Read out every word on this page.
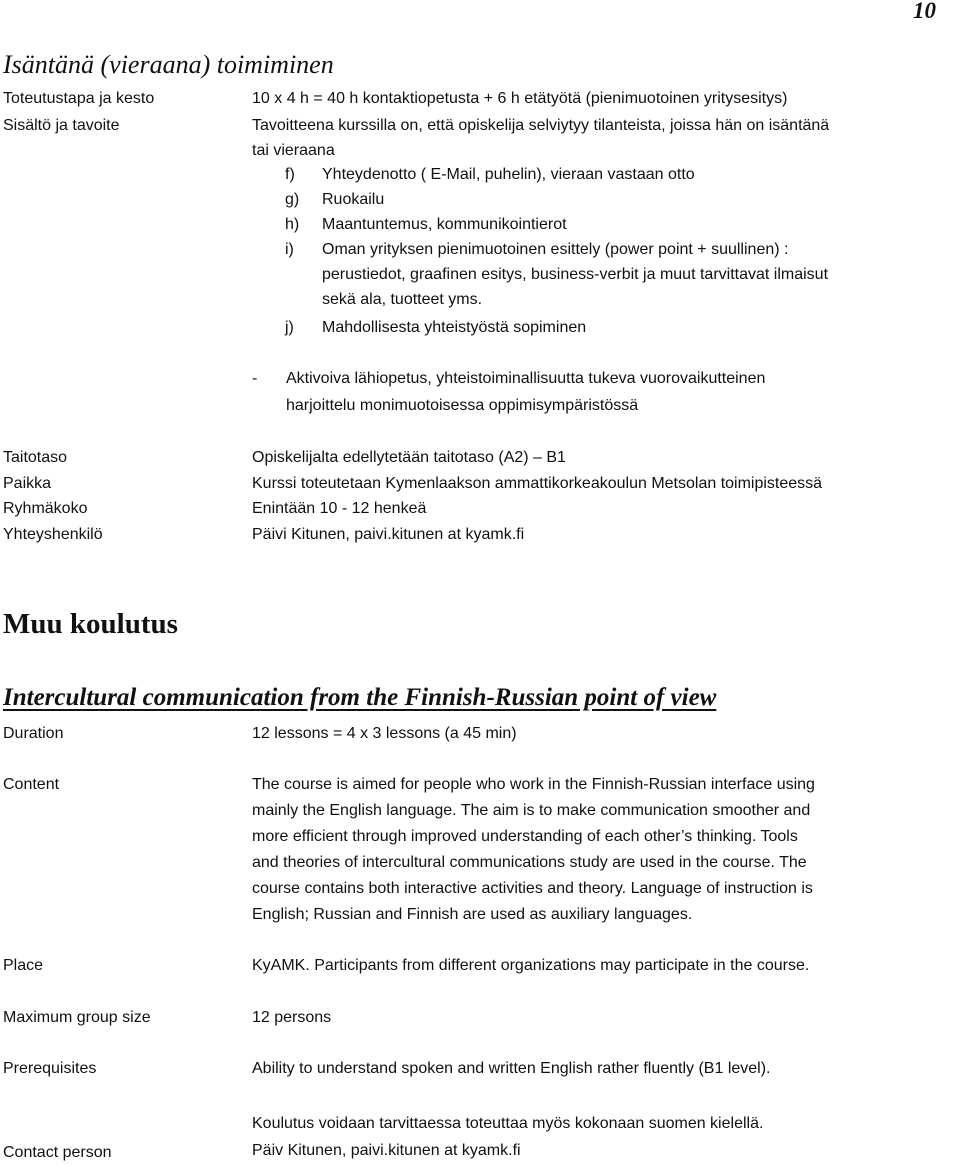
10
Isäntänä (vieraana) toimiminen
Toteutustapa ja kesto	10 x 4 h = 40 h kontaktiopetusta + 6 h etätyötä (pienimuotoinen yritysesitys)
Sisältö ja tavoite	Tavoitteena kurssilla on, että opiskelija selviytyy tilanteista, joissa hän on isäntänä
tai vieraana
f) Yhteydenotto ( E-Mail, puhelin), vieraan vastaan otto
g) Ruokailu
h) Maantuntemus, kommunikointierot
i) Oman yrityksen pienimuotoinen esittely (power point + suullinen) :
perustiedot, graafinen esitys, business-verbit ja muut tarvittavat ilmaisut
sekä ala, tuotteet yms.
j) Mahdollisesta yhteistyöstä sopiminen
- Aktivoiva lähiopetus, yhteistoiminallisuutta tukeva vuorovaikutteinen
harjoittelu monimuotoisessa oppimisympäristössä
Taitotaso	Opiskelijalta edellytetään taitotaso (A2) – B1
Paikka	Kurssi toteutetaan Kymenlaakson ammattikorkeakoulun Metsolan toimipisteessä
Ryhmäkoko	Enintään 10 - 12 henkeä
Yhteyshenkilö	Päivi Kitunen, paivi.kitunen at kyamk.fi
Muu koulutus
Intercultural communication from the Finnish-Russian point of view
Duration	12 lessons = 4 x 3 lessons (a 45 min)
Content	The course is aimed for people who work in the Finnish-Russian interface using
mainly the English language. The aim is to make communication smoother and
more efficient through improved understanding of each other’s thinking. Tools
and theories of intercultural communications study are used in the course. The
course contains both interactive activities and theory. Language of instruction is
English; Russian and Finnish are used as auxiliary languages.
Place	KyAMK. Participants from different organizations may participate in the course.
Maximum group size	12 persons
Prerequisites	Ability to understand spoken and written English rather fluently (B1 level).
Koulutus voidaan tarvittaessa toteuttaa myös kokonaan suomen kielellä.
Contact person	Päiv Kitunen, paivi.kitunen at kyamk.fi
